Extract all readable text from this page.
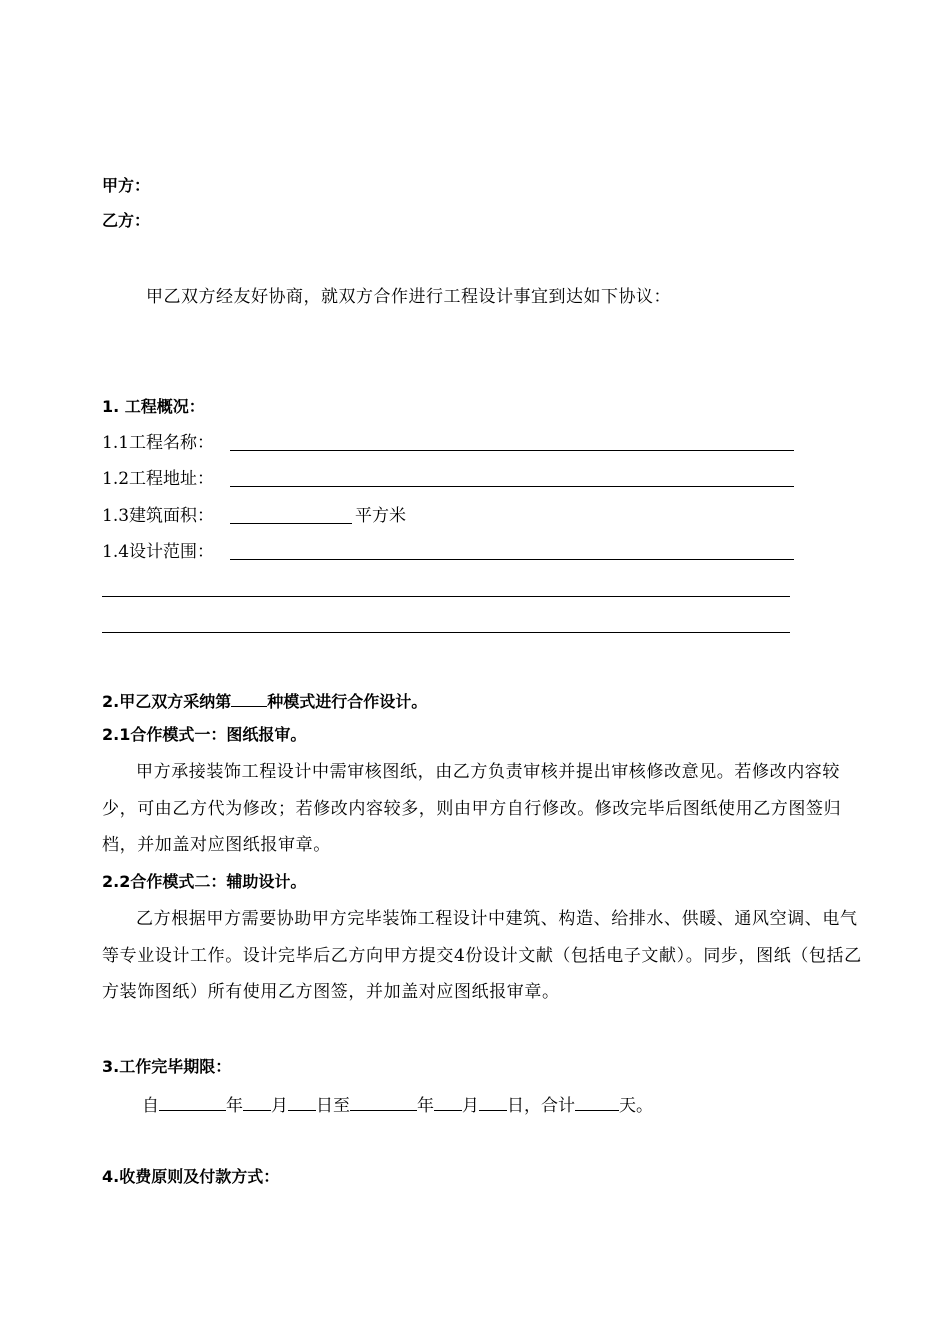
甲方：
乙方：
甲乙双方经友好协商，就双方合作进行工程设计事宜到达如下协议：
1. 工程概况：
1.1工程名称：
1.2工程地址：
1.3建筑面积：	平方米
1.4设计范围：
2.甲乙双方采纳第 种模式进行合作设计。
2.1合作模式一：图纸报审。

甲方承接装饰工程设计中需审核图纸，由乙方负责审核并提出审核修改意见。若修改内容较少，可由乙方代为修改；若修改内容较多，则由甲方自行修改。修改完毕后图纸使用乙方图签归档，并加盖对应图纸报审章。

2.2合作模式二：辅助设计。

乙方根据甲方需要协助甲方完毕装饰工程设计中建筑、构造、给排水、供暖、通风空调、电气等专业设计工作。设计完毕后乙方向甲方提交4份设计文献（包括电子文献）。同步，图纸（包括乙方装饰图纸）所有使用乙方图签，并加盖对应图纸报审章。

3.工作完毕期限：
自	年 月 日至	年 月 日，合计	天。
4.收费原则及付款方式：
